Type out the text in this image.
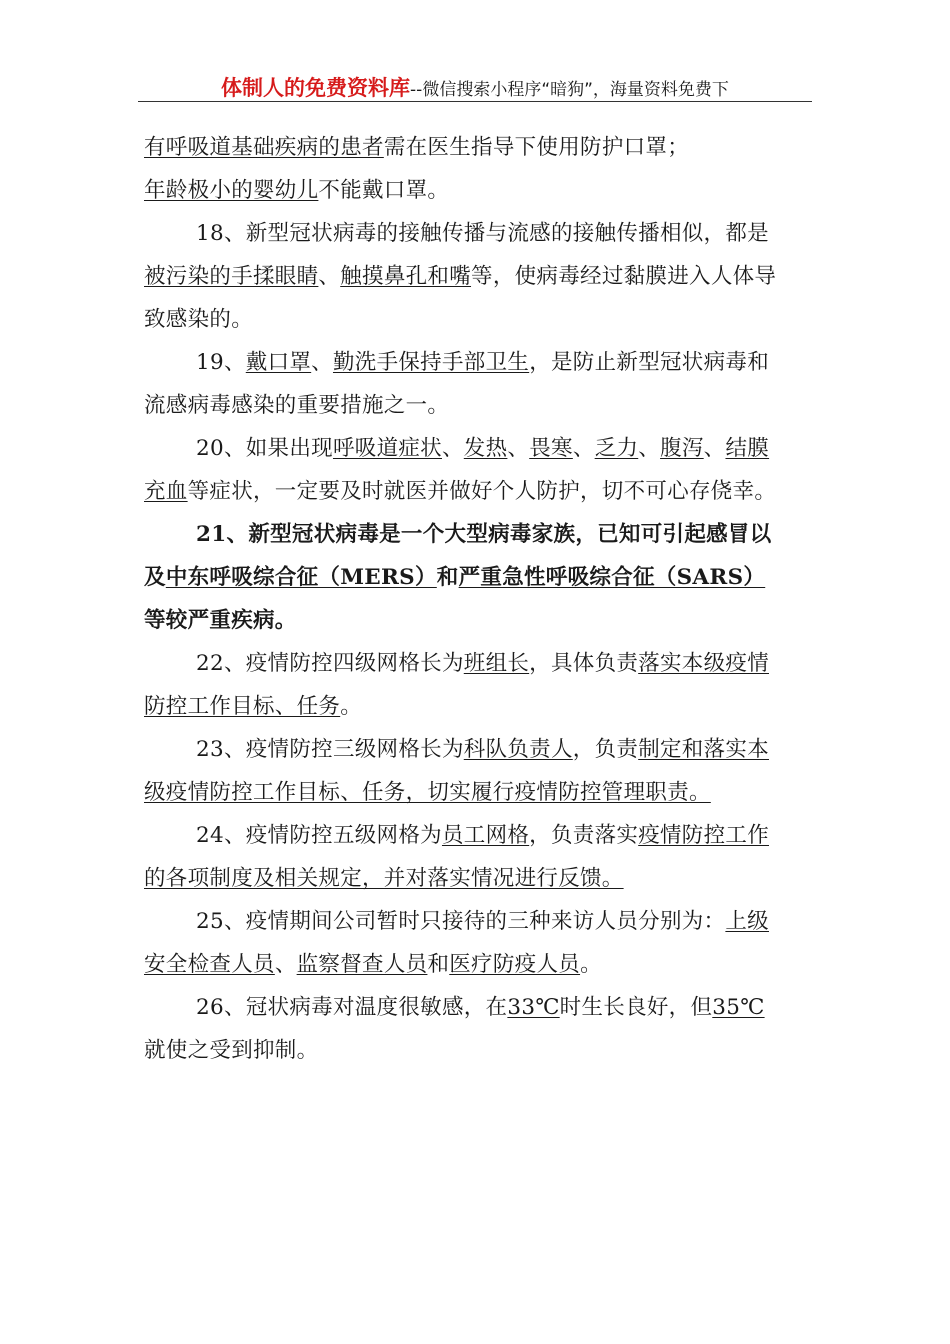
体制人的免费资料库--微信搜索小程序“暗狗”，海量资料免费下

有呼吸道基础疾病的患者需在医生指导下使用防护口罩；
年龄极小的婴幼儿不能戴口罩。

18、新型冠状病毒的接触传播与流感的接触传播相似，都是被污染的手揉眼睛、触摸鼻孔和嘴等，使病毒经过黏膜进入人体导致感染的。

19、戴口罩、勤洗手保持手部卫生，是防止新型冠状病毒和流感病毒感染的重要措施之一。

20、如果出现呼吸道症状、发热、畏寒、乏力、腹泻、结膜充血等症状，一定要及时就医并做好个人防护，切不可心存侥幸。

21、新型冠状病毒是一个大型病毒家族，已知可引起感冒以及中东呼吸综合征（MERS）和严重急性呼吸综合征（SARS）等较严重疾病。

22、疫情防控四级网格长为班组长，具体负责落实本级疫情防控工作目标、任务。

23、疫情防控三级网格长为科队负责人，负责制定和落实本级疫情防控工作目标、任务，切实履行疫情防控管理职责。

24、疫情防控五级网格为员工网格，负责落实疫情防控工作的各项制度及相关规定，并对落实情况进行反馈。

25、疫情期间公司暂时只接待的三种来访人员分别为：上级安全检查人员、监察督查人员和医疗防疫人员。

26、冠状病毒对温度很敏感，在33℃时生长良好，但35℃就使之受到抑制。
